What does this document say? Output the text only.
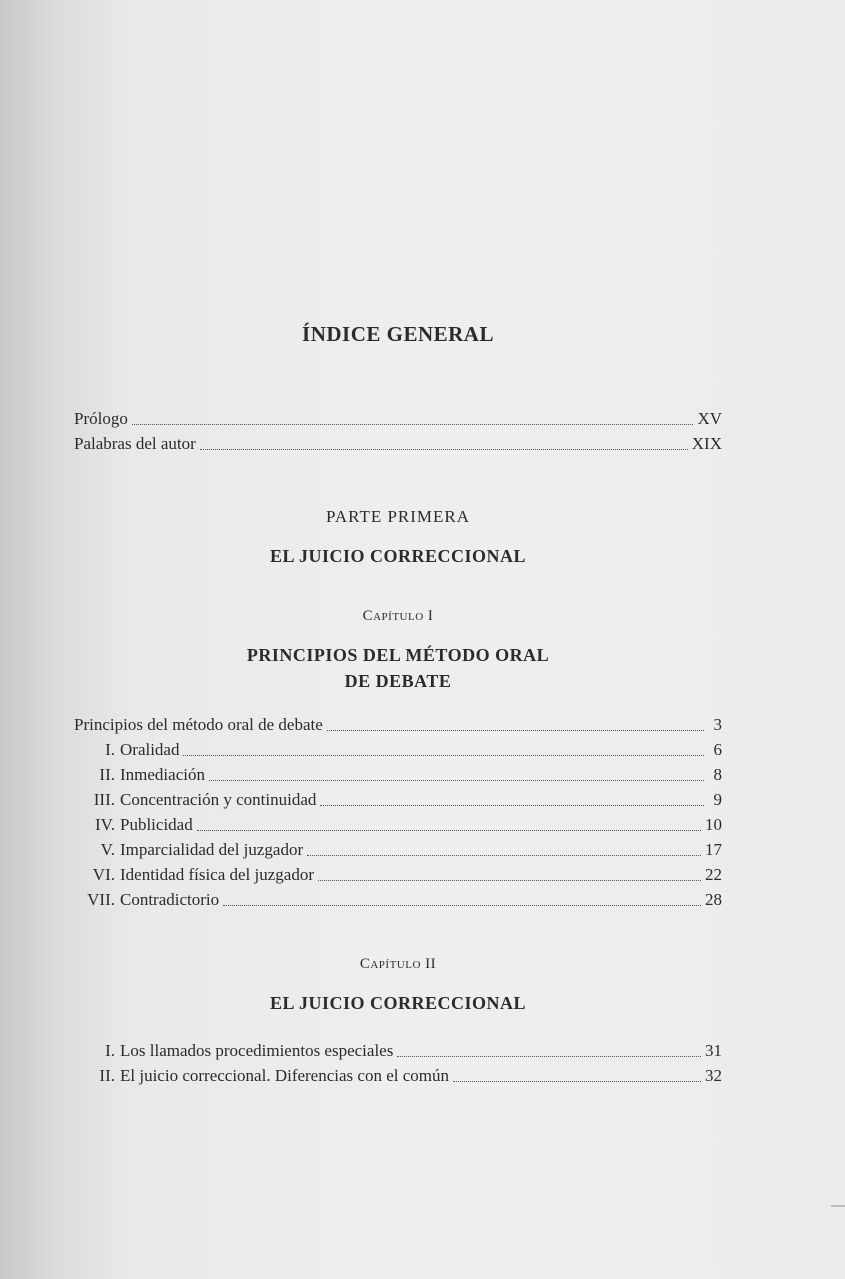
ÍNDICE GENERAL
Prólogo	XV
Palabras del autor	XIX
PARTE PRIMERA
EL JUICIO CORRECCIONAL
CAPÍTULO I
PRINCIPIOS DEL MÉTODO ORAL
DE DEBATE
Principios del método oral de debate	3
I. Oralidad	6
II. Inmediación	8
III. Concentración y continuidad	9
IV. Publicidad	10
V. Imparcialidad del juzgador	17
VI. Identidad física del juzgador	22
VII. Contradictorio	28
CAPÍTULO II
EL JUICIO CORRECCIONAL
I. Los llamados procedimientos especiales	31
II. El juicio correccional. Diferencias con el común	32
